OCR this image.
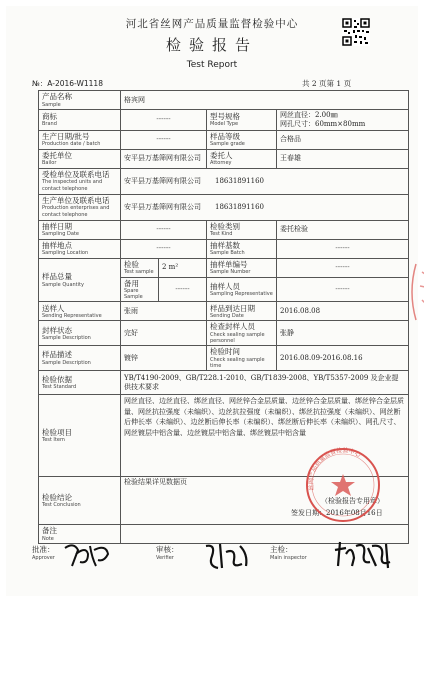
河北省丝网产品质量监督检验中心
检验报告
Test Report
№：A-2016-W1118	共 2 页第 1 页
产品名称
Sample	格宾网			

商标
Brand	------		型号规格
Model Type	网丝直径：2.00㎜
网孔尺寸：60mm×80mm

生产日期/批号
Production date / batch	------		样品等级
Sample grade	合格品

委托单位
Bailor	安平县万基筛网有限公司		委托人
Attorney	王春雄

受检单位及联系电话
The inspected units and contact telephone	安平县万基筛网有限公司　　18631891160			

生产单位及联系电话
Production enterprises and contact telephone	安平县万基筛网有限公司　　18631891160			

抽样日期
Sampling Date	------		检验类别
Test Kind	委托检验

抽样地点
Sampling Location	------		抽样基数
Sample Batch	------

样品总量
Sample Quantity	检验
Test sample	2 m²	抽样单编号
Sample Number	------

	备用
Spare Sample	------	抽样人员
Sampling Representative	------

送样人
Sending Representative	张雨		样品到达日期
Sending Date	2016.08.08

封样状态
Sample Description	完好		检查封样人员
Check sealing sample personnel	张静

样品描述
Sample Description	镀锌		检验时间
Check sealing sample time	2016.08.09-2016.08.16

检验依据
Test Standard	YB/T4190-2009、GB/T228.1-2010、GB/T1839-2008、YB/T5357-2009 及企业提供技术要求			

检验项目
Test Item	网丝直径、边丝直径、绑丝直径、网丝锌合金层质量、边丝锌合金层质量、绑丝锌合金层质量、网丝抗拉强度（未编织）、边丝抗拉强度（未编织）、绑丝抗拉强度（未编织）、网丝断后伸长率（未编织）、边丝断后伸长率（未编织）、绑丝断后伸长率（未编织）、网孔尺寸、网丝镀层中铝含量、边丝镀层中铝含量、绑丝镀层中铝含量			

检验结论
Test Conclusion	检验结果详见数据页
（检验报告专用章）
签发日期：2016年08月16日			

备注
Note				

批准：
Approver
审核：
Verifier
主检：
Main inspector
丝网产品质量监督检验中心
